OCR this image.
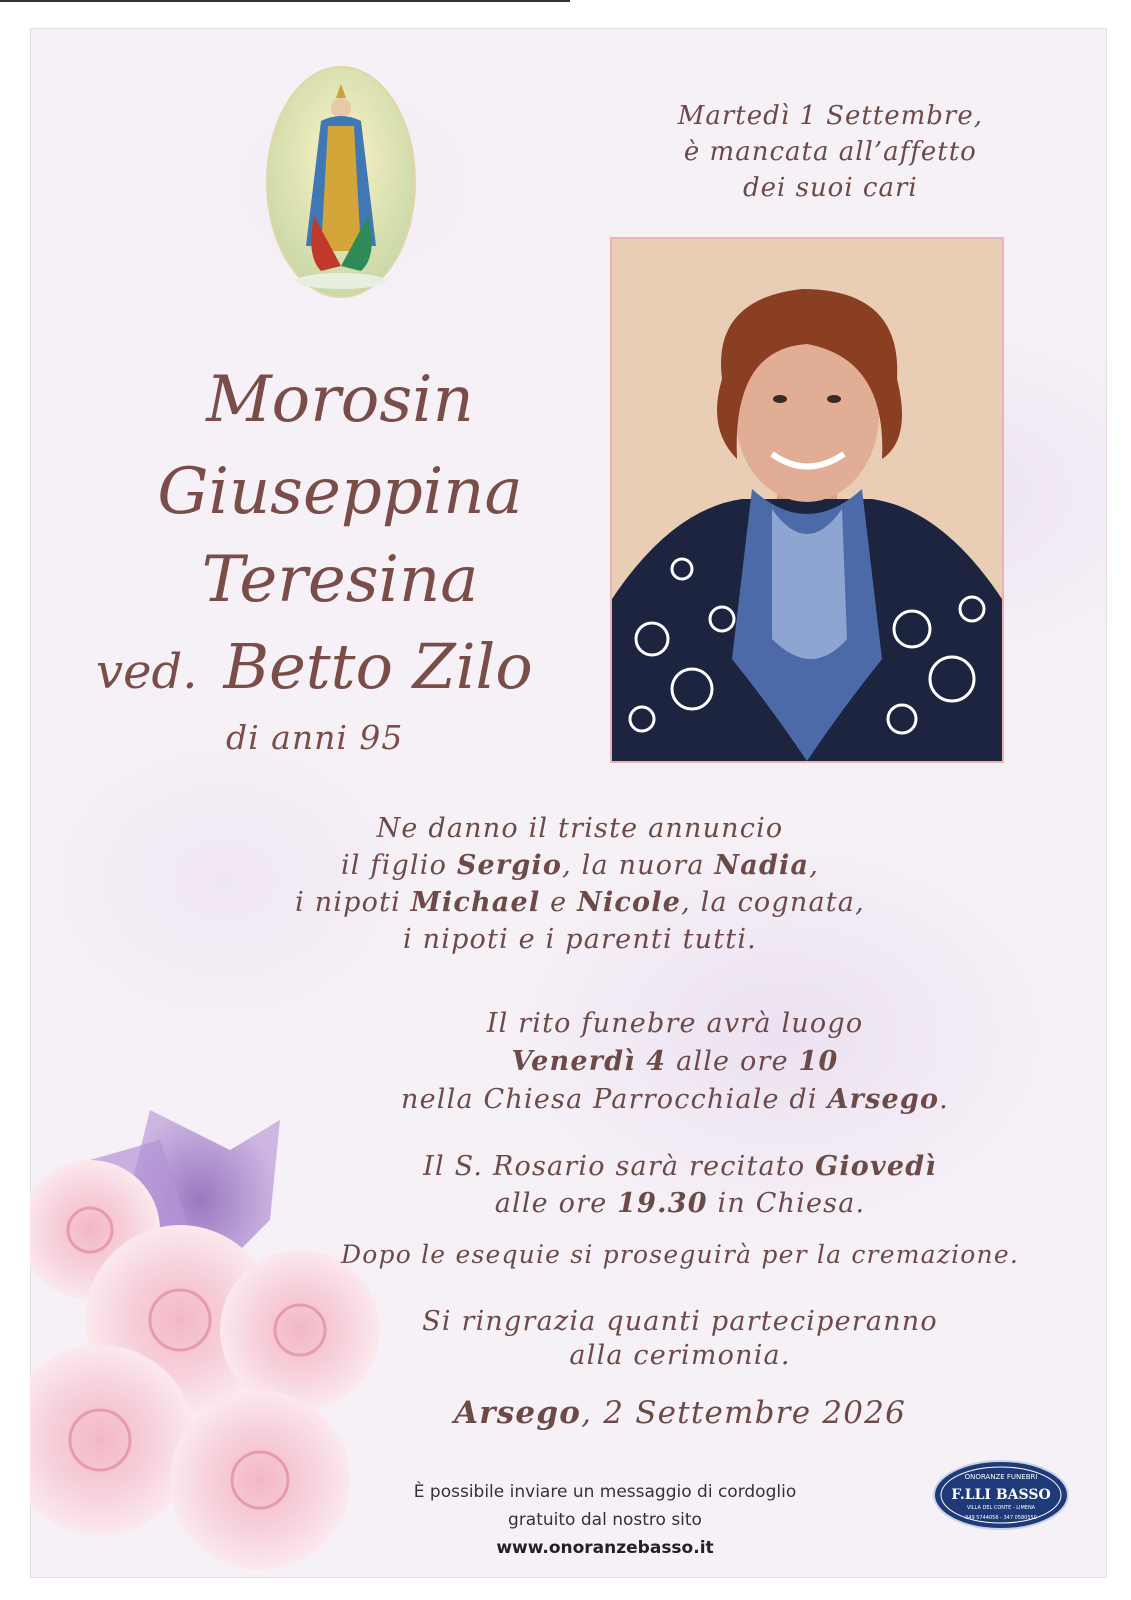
Martedì 1 Settembre,
è mancata all’affetto
dei suoi cari
Morosin
Giuseppina
Teresina
ved. Betto Zilo
di anni 95
Ne danno il triste annuncio
il figlio Sergio, la nuora Nadia,
i nipoti Michael e Nicole, la cognata,
i nipoti e i parenti tutti.
Il rito funebre avrà luogo
Venerdì 4 alle ore 10
nella Chiesa Parrocchiale di Arsego.
Il S. Rosario sarà recitato Giovedì
alle ore 19.30 in Chiesa.
Dopo le esequie si proseguirà per la cremazione.
Si ringrazia quanti parteciperanno
alla cerimonia.
Arsego, 2 Settembre 2026
È possibile inviare un messaggio di cordoglio
gratuito dal nostro sito www.onoranzebasso.it
ONORANZE FUNEBRI
F.LLI BASSO
VILLA DEL CONTE - LIMENA
049 5744056 - 347 0580550
